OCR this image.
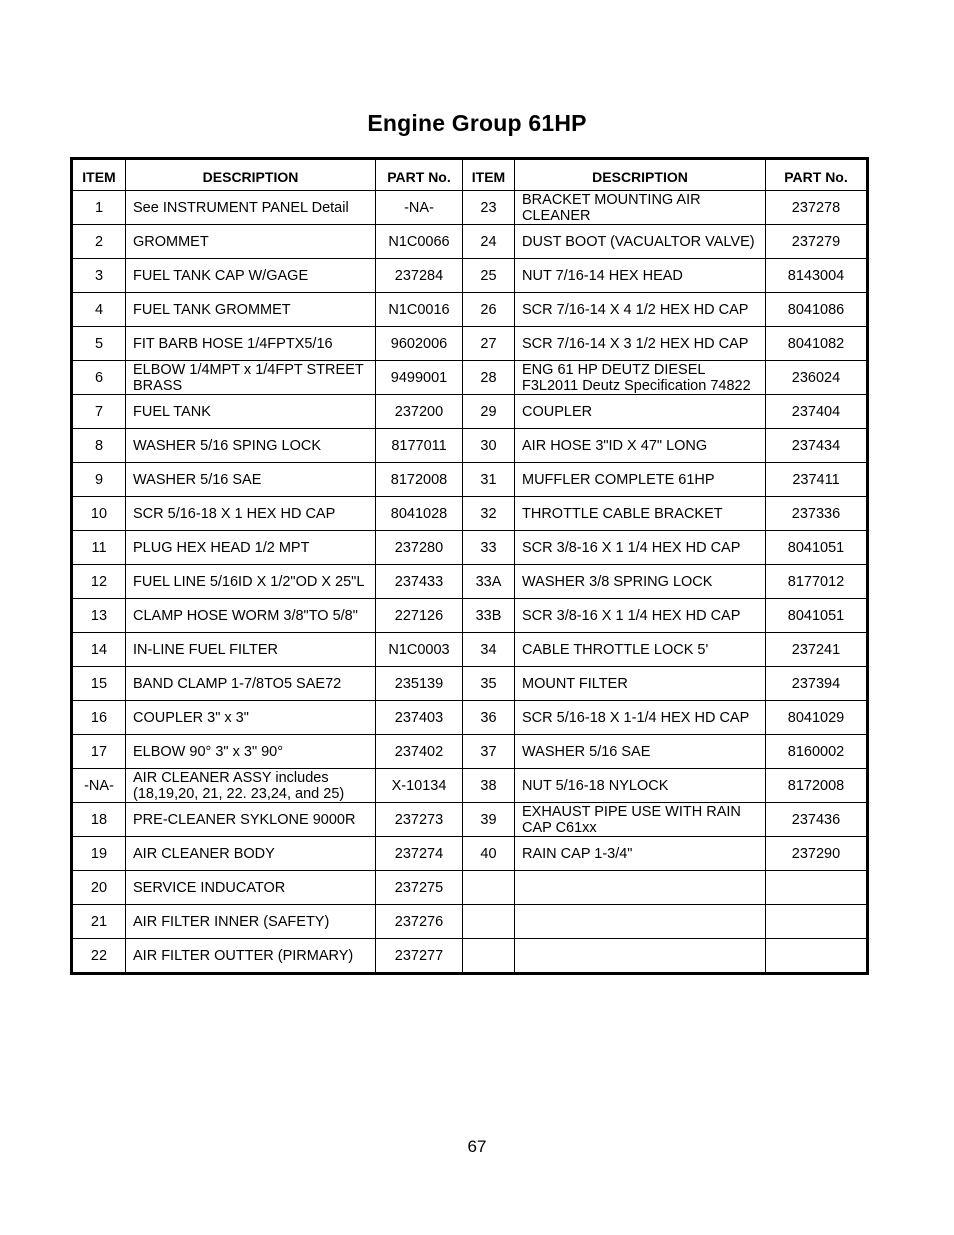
Engine Group 61HP
ITEM	DESCRIPTION	PART No.	ITEM	DESCRIPTION	PART No.
1	See INSTRUMENT PANEL Detail	-NA-	23	BRACKET MOUNTING AIR CLEANER	237278
2	GROMMET	N1C0066	24	DUST BOOT (VACUALTOR VALVE)	237279
3	FUEL TANK CAP W/GAGE	237284	25	NUT 7/16-14 HEX HEAD	8143004
4	FUEL TANK GROMMET	N1C0016	26	SCR 7/16-14 X 4 1/2 HEX HD CAP	8041086
5	FIT BARB HOSE 1/4FPTX5/16	9602006	27	SCR 7/16-14 X 3 1/2 HEX HD CAP	8041082
6	ELBOW 1/4MPT x 1/4FPT STREET BRASS	9499001	28	ENG 61 HP DEUTZ DIESEL F3L2011 Deutz Specification 74822	236024
7	FUEL TANK	237200	29	COUPLER	237404
8	WASHER 5/16 SPING LOCK	8177011	30	AIR HOSE 3"ID X 47" LONG	237434
9	WASHER 5/16 SAE	8172008	31	MUFFLER COMPLETE 61HP	237411
10	SCR 5/16-18 X 1 HEX HD CAP	8041028	32	THROTTLE CABLE BRACKET	237336
11	PLUG HEX HEAD 1/2 MPT	237280	33	SCR 3/8-16 X 1 1/4 HEX HD CAP	8041051
12	FUEL LINE 5/16ID X 1/2"OD X 25"L	237433	33A	WASHER 3/8 SPRING LOCK	8177012
13	CLAMP HOSE WORM 3/8"TO 5/8"	227126	33B	SCR 3/8-16 X 1 1/4 HEX HD CAP	8041051
14	IN-LINE FUEL FILTER	N1C0003	34	CABLE THROTTLE LOCK 5'	237241
15	BAND CLAMP 1-7/8TO5 SAE72	235139	35	MOUNT FILTER	237394
16	COUPLER 3" x 3"	237403	36	SCR 5/16-18 X 1-1/4 HEX HD CAP	8041029
17	ELBOW 90° 3" x 3" 90°	237402	37	WASHER 5/16 SAE	8160002
-NA-	AIR CLEANER ASSY includes (18,19,20, 21, 22. 23,24, and 25)	X-10134	38	NUT 5/16-18 NYLOCK	8172008
18	PRE-CLEANER SYKLONE 9000R	237273	39	EXHAUST PIPE USE WITH RAIN CAP C61xx	237436
19	AIR CLEANER BODY	237274	40	RAIN CAP 1-3/4"	237290
20	SERVICE INDUCATOR	237275			
21	AIR FILTER INNER (SAFETY)	237276			
22	AIR FILTER OUTTER (PIRMARY)	237277			
67
